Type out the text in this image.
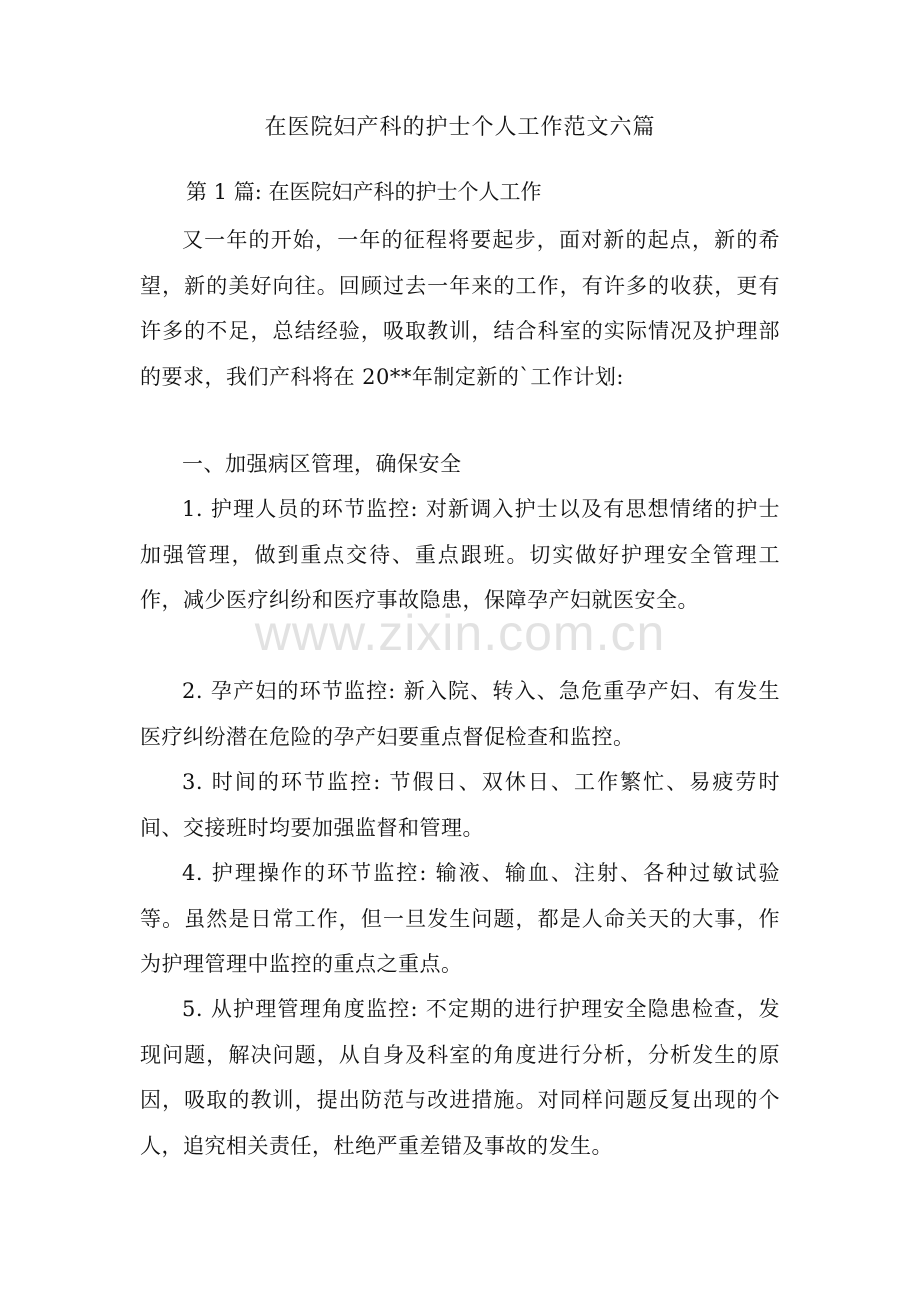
在医院妇产科的护士个人工作范文六篇
第 1 篇: 在医院妇产科的护士个人工作

又一年的开始，一年的征程将要起步，面对新的起点，新的希望，新的美好向往。回顾过去一年来的工作，有许多的收获，更有许多的不足，总结经验，吸取教训，结合科室的实际情况及护理部的要求，我们产科将在 20**年制定新的`工作计划:

一、加强病区管理，确保安全

1. 护理人员的环节监控: 对新调入护士以及有思想情绪的护士加强管理，做到重点交待、重点跟班。切实做好护理安全管理工作，减少医疗纠纷和医疗事故隐患，保障孕产妇就医安全。

2. 孕产妇的环节监控: 新入院、转入、急危重孕产妇、有发生医疗纠纷潜在危险的孕产妇要重点督促检查和监控。

3. 时间的环节监控: 节假日、双休日、工作繁忙、易疲劳时间、交接班时均要加强监督和管理。

4. 护理操作的环节监控: 输液、输血、注射、各种过敏试验等。虽然是日常工作，但一旦发生问题，都是人命关天的大事，作为护理管理中监控的重点之重点。

5. 从护理管理角度监控: 不定期的进行护理安全隐患检查，发现问题，解决问题，从自身及科室的角度进行分析，分析发生的原因，吸取的教训，提出防范与改进措施。对同样问题反复出现的个人，追究相关责任，杜绝严重差错及事故的发生。

www.zixin.com.cn
